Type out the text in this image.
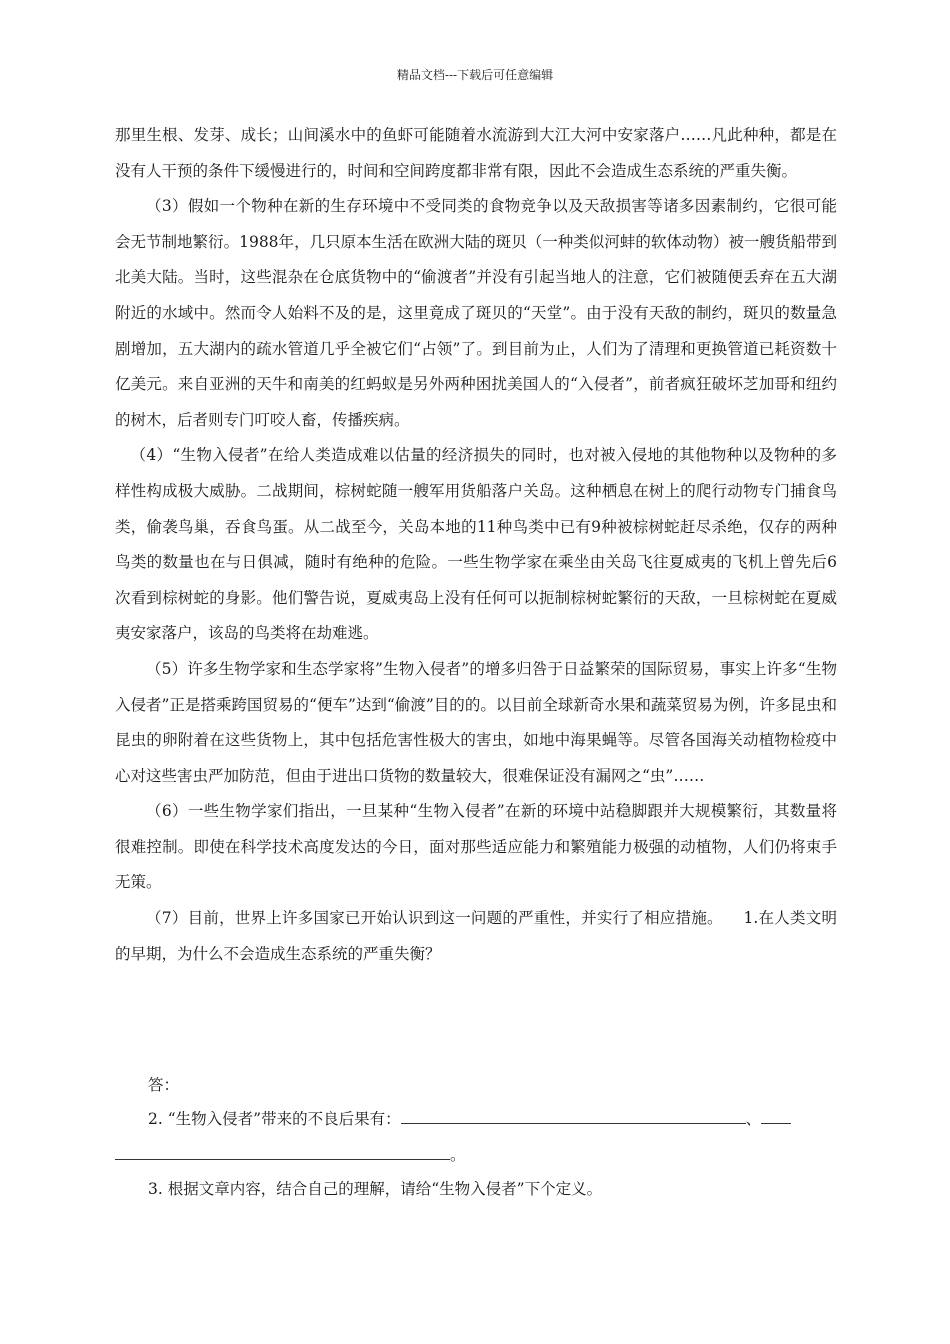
精品文档---下载后可任意编辑

那里生根、发芽、成长；山间溪水中的鱼虾可能随着水流游到大江大河中安家落户……凡此种种，都是在没有人干预的条件下缓慢进行的，时间和空间跨度都非常有限，因此不会造成生态系统的严重失衡。

（3）假如一个物种在新的生存环境中不受同类的食物竞争以及天敌损害等诸多因素制约，它很可能会无节制地繁衍。1988年，几只原本生活在欧洲大陆的斑贝（一种类似河蚌的软体动物）被一艘货船带到北美大陆。当时，这些混杂在仓底货物中的“偷渡者”并没有引起当地人的注意，它们被随便丢弃在五大湖附近的水域中。然而令人始料不及的是，这里竟成了斑贝的“天堂”。由于没有天敌的制约，斑贝的数量急剧增加，五大湖内的疏水管道几乎全被它们“占领”了。到目前为止，人们为了清理和更换管道已耗资数十亿美元。来自亚洲的天牛和南美的红蚂蚁是另外两种困扰美国人的“入侵者”，前者疯狂破坏芝加哥和纽约的树木，后者则专门叮咬人畜，传播疾病。

（4）“生物入侵者”在给人类造成难以估量的经济损失的同时，也对被入侵地的其他物种以及物种的多样性构成极大威胁。二战期间，棕树蛇随一艘军用货船落户关岛。这种栖息在树上的爬行动物专门捕食鸟类，偷袭鸟巢，吞食鸟蛋。从二战至今，关岛本地的11种鸟类中已有9种被棕树蛇赶尽杀绝，仅存的两种鸟类的数量也在与日俱减，随时有绝种的危险。一些生物学家在乘坐由关岛飞往夏威夷的飞机上曾先后6次看到棕树蛇的身影。他们警告说，夏威夷岛上没有任何可以扼制棕树蛇繁衍的天敌，一旦棕树蛇在夏威夷安家落户，该岛的鸟类将在劫难逃。

（5）许多生物学家和生态学家将”生物入侵者”的增多归咎于日益繁荣的国际贸易，事实上许多“生物入侵者”正是搭乘跨国贸易的“便车”达到“偷渡”目的的。以目前全球新奇水果和蔬菜贸易为例，许多昆虫和昆虫的卵附着在这些货物上，其中包括危害性极大的害虫，如地中海果蝇等。尽管各国海关动植物检疫中心对这些害虫严加防范，但由于进出口货物的数量较大，很难保证没有漏网之“虫”……

（6）一些生物学家们指出，一旦某种“生物入侵者”在新的环境中站稳脚跟并大规模繁衍，其数量将很难控制。即使在科学技术高度发达的今日，面对那些适应能力和繁殖能力极强的动植物，人们仍将束手无策。

（7）目前，世界上许多国家已开始认识到这一问题的严重性，并实行了相应措施。 1.在人类文明的早期，为什么不会造成生态系统的严重失衡？

答：
2. “生物入侵者”带来的不良后果有：	、
。
3. 根据文章内容，结合自己的理解，请给“生物入侵者”下个定义。
